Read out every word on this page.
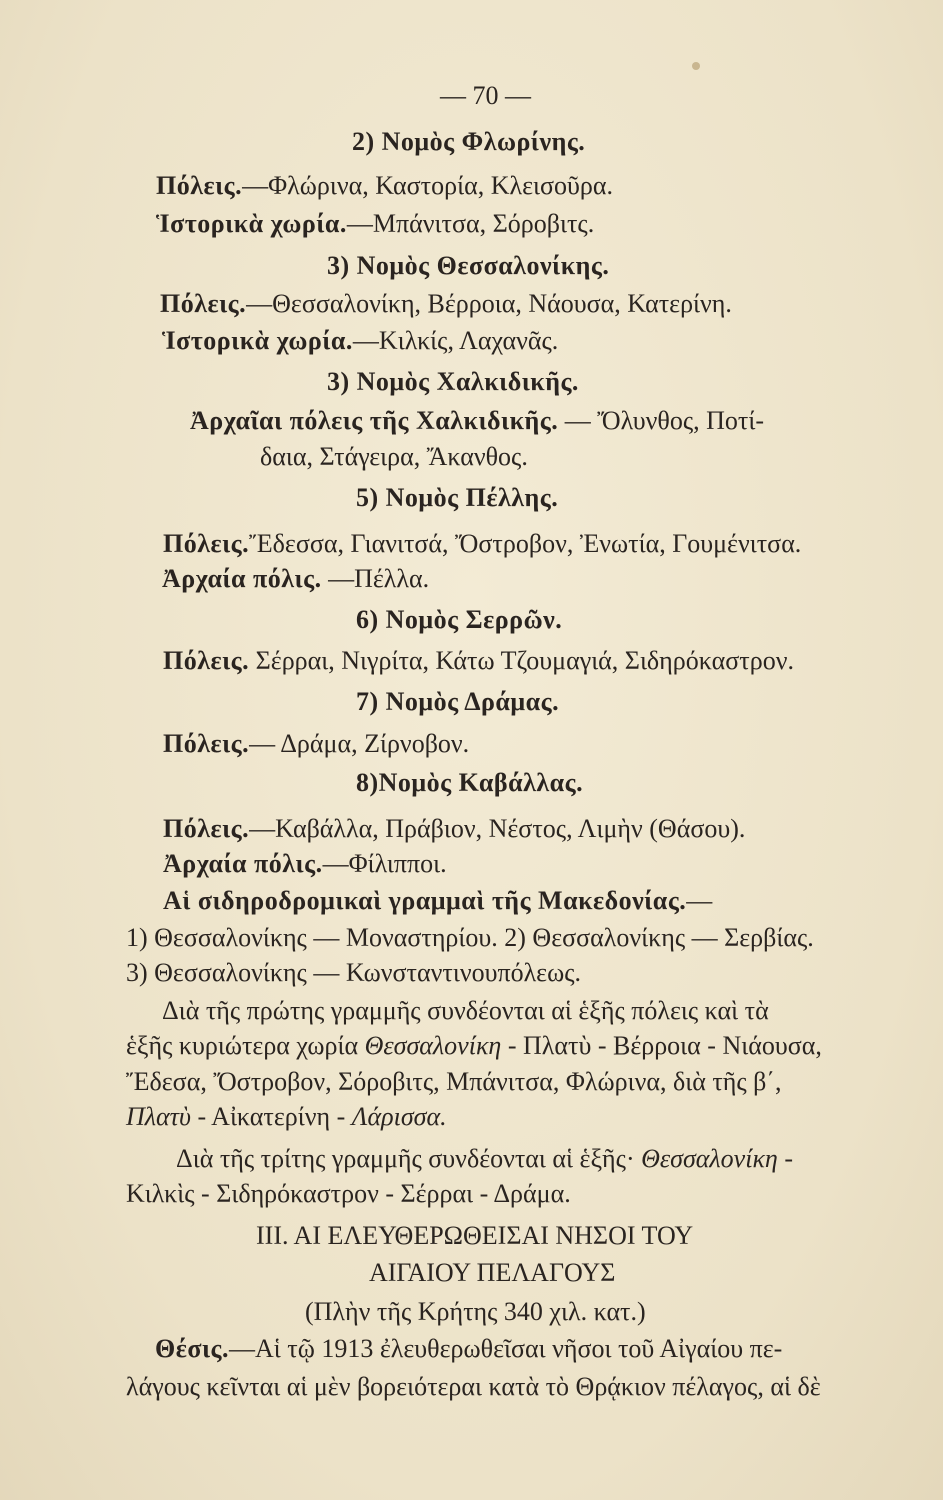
— 70 —
2) Νομὸς Φλωρίνης.
Πόλεις.—Φλώρινα, Καστορία, Κλεισοῦρα.
Ἱστορικὰ χωρία.—Μπάνιτσα, Σόροβιτς.
3) Νομὸς Θεσσαλονίκης.
Πόλεις.—Θεσσαλονίκη, Βέρροια, Νάουσα, Κατερίνη.
Ἱστορικὰ χωρία.—Κιλκίς, Λαχανᾶς.
3) Νομὸς Χαλκιδικῆς.
Ἀρχαῖαι πόλεις τῆς Χαλκιδικῆς. — Ὄλυνθος, Ποτί-
δαια, Στάγειρα, Ἄκανθος.
5) Νομὸς Πέλλης.
Πόλεις.Ἔδεσσα, Γιανιτσά, Ὄστροβον, Ἐνωτία, Γουμένιτσα.
Ἀρχαία πόλις. —Πέλλα.
6) Νομὸς Σερρῶν.
Πόλεις. Σέρραι, Νιγρίτα, Κάτω Τζουμαγιά, Σιδηρόκαστρον.
7) Νομὸς Δράμας.
Πόλεις.— Δράμα, Ζίρνοβον.
8)Νομὸς Καβάλλας.
Πόλεις.—Καβάλλα, Πράβιον, Νέστος, Λιμὴν (Θάσου).
Ἀρχαία πόλις.—Φίλιπποι.
Αἱ σιδηροδρομικαὶ γραμμαὶ τῆς Μακεδονίας.—
1) Θεσσαλονίκης — Μοναστηρίου. 2) Θεσσαλονίκης — Σερβίας.
3) Θεσσαλονίκης — Κωνσταντινουπόλεως.
Διὰ τῆς πρώτης γραμμῆς συνδέονται αἱ ἑξῆς πόλεις καὶ τὰ
ἑξῆς κυριώτερα χωρία Θεσσαλονίκη - Πλατὺ - Βέρροια - Νιάουσα,
Ἔδεσα, Ὄστροβον, Σόροβιτς, Μπάνιτσα, Φλώρινα, διὰ τῆς β΄,
Πλατὺ - Αἰκατερίνη - Λάρισσα.
Διὰ τῆς τρίτης γραμμῆς συνδέονται αἱ ἑξῆς· Θεσσαλονίκη -
Κιλκὶς - Σιδηρόκαστρον - Σέρραι - Δράμα.
ΙΙΙ. ΑΙ ΕΛΕΥΘΕΡΩΘΕΙΣΑΙ ΝΗΣΟΙ ΤΟΥ
ΑΙΓΑΙΟΥ ΠΕΛΑΓΟΥΣ
(Πλὴν τῆς Κρήτης 340 χιλ. κατ.)
Θέσις.—Αἱ τῷ 1913 ἐλευθερωθεῖσαι νῆσοι τοῦ Αἰγαίου πε-
λάγους κεῖνται αἱ μὲν βορειότεραι κατὰ τὸ Θρᾴκιον πέλαγος, αἱ δὲ
